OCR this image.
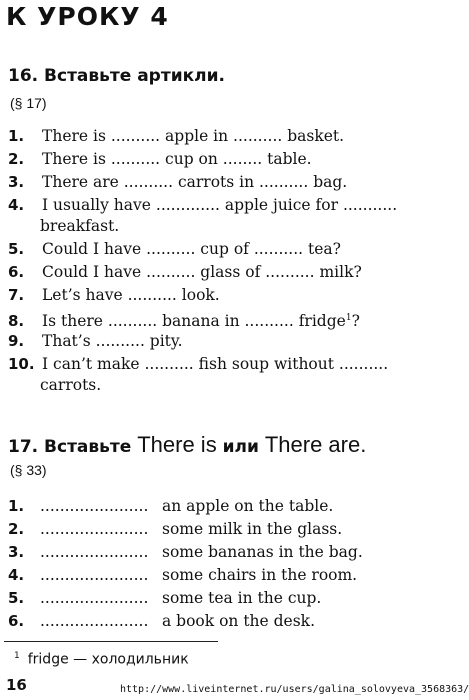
К УРОКУ 4
16. Вставьте артикли.
(§ 17)
1. There is .......... apple in .......... basket.
2. There is .......... cup on ........ table.
3. There are .......... carrots in .......... bag.
4. I usually have ............. apple juice for ...........
breakfast.
5. Could I have .......... cup of .......... tea?
6. Could I have .......... glass of .......... milk?
7. Let’s have .......... look.
8. Is there .......... banana in .......... fridge$^1$?
9. That’s .......... pity.
10. I can’t make .......... fish soup without ..........
carrots.
17. Вставьте There is или There are.
(§ 33)
1. ...................... an apple on the table.
2. ...................... some milk in the glass.
3. ...................... some bananas in the bag.
4. ...................... some chairs in the room.
5. ...................... some tea in the cup.
6. ...................... a book on the desk.
$^1$ fridge — холодильник
16	http://www.liveinternet.ru/users/galina_solovyeva_3568363/
